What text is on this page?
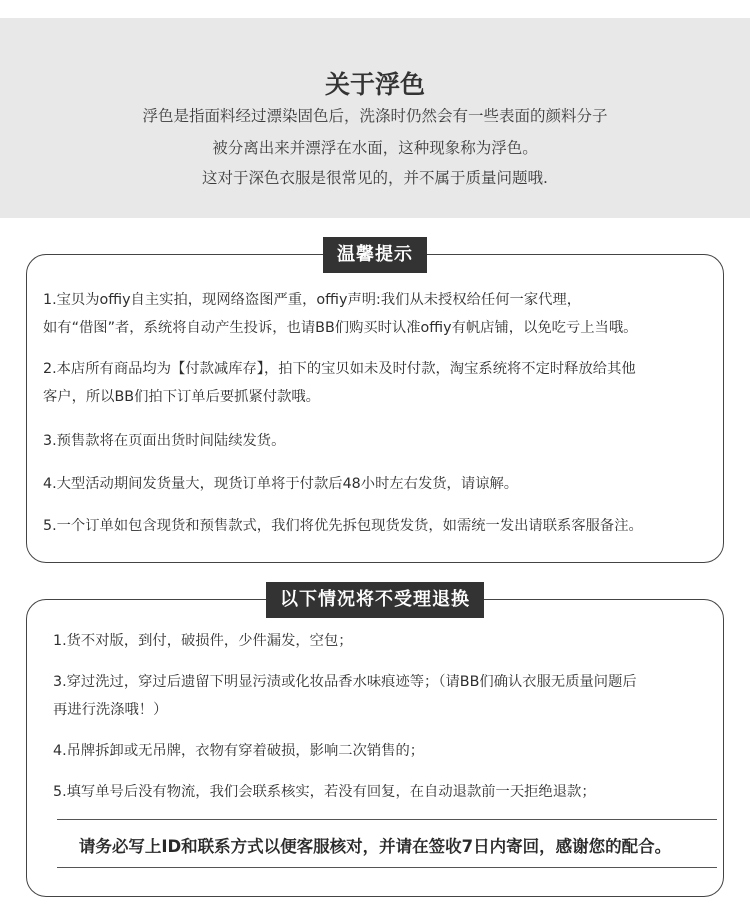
关于浮色
浮色是指面料经过漂染固色后，洗涤时仍然会有一些表面的颜料分子
被分离出来并漂浮在水面，这种现象称为浮色。
这对于深色衣服是很常见的，并不属于质量问题哦.
温馨提示
1.宝贝为offiy自主实拍，现网络盗图严重，offiy声明:我们从未授权给任何一家代理，
如有“借图”者，系统将自动产生投诉，也请BB们购买时认准offiy有帆店铺，以免吃亏上当哦。
2.本店所有商品均为【付款减库存】，拍下的宝贝如未及时付款，淘宝系统将不定时释放给其他
客户，所以BB们拍下订单后要抓紧付款哦。
3.预售款将在页面出货时间陆续发货。
4.大型活动期间发货量大，现货订单将于付款后48小时左右发货，请谅解。
5.一个订单如包含现货和预售款式，我们将优先拆包现货发货，如需统一发出请联系客服备注。
以下情况将不受理退换
1.货不对版，到付，破损件，少件漏发，空包；
3.穿过洗过，穿过后遗留下明显污渍或化妆品香水味痕迹等；（请BB们确认衣服无质量问题后
再进行洗涤哦！）
4.吊牌拆卸或无吊牌，衣物有穿着破损，影响二次销售的；
5.填写单号后没有物流，我们会联系核实，若没有回复，在自动退款前一天拒绝退款；
请务必写上ID和联系方式以便客服核对，并请在签收7日内寄回，感谢您的配合。
